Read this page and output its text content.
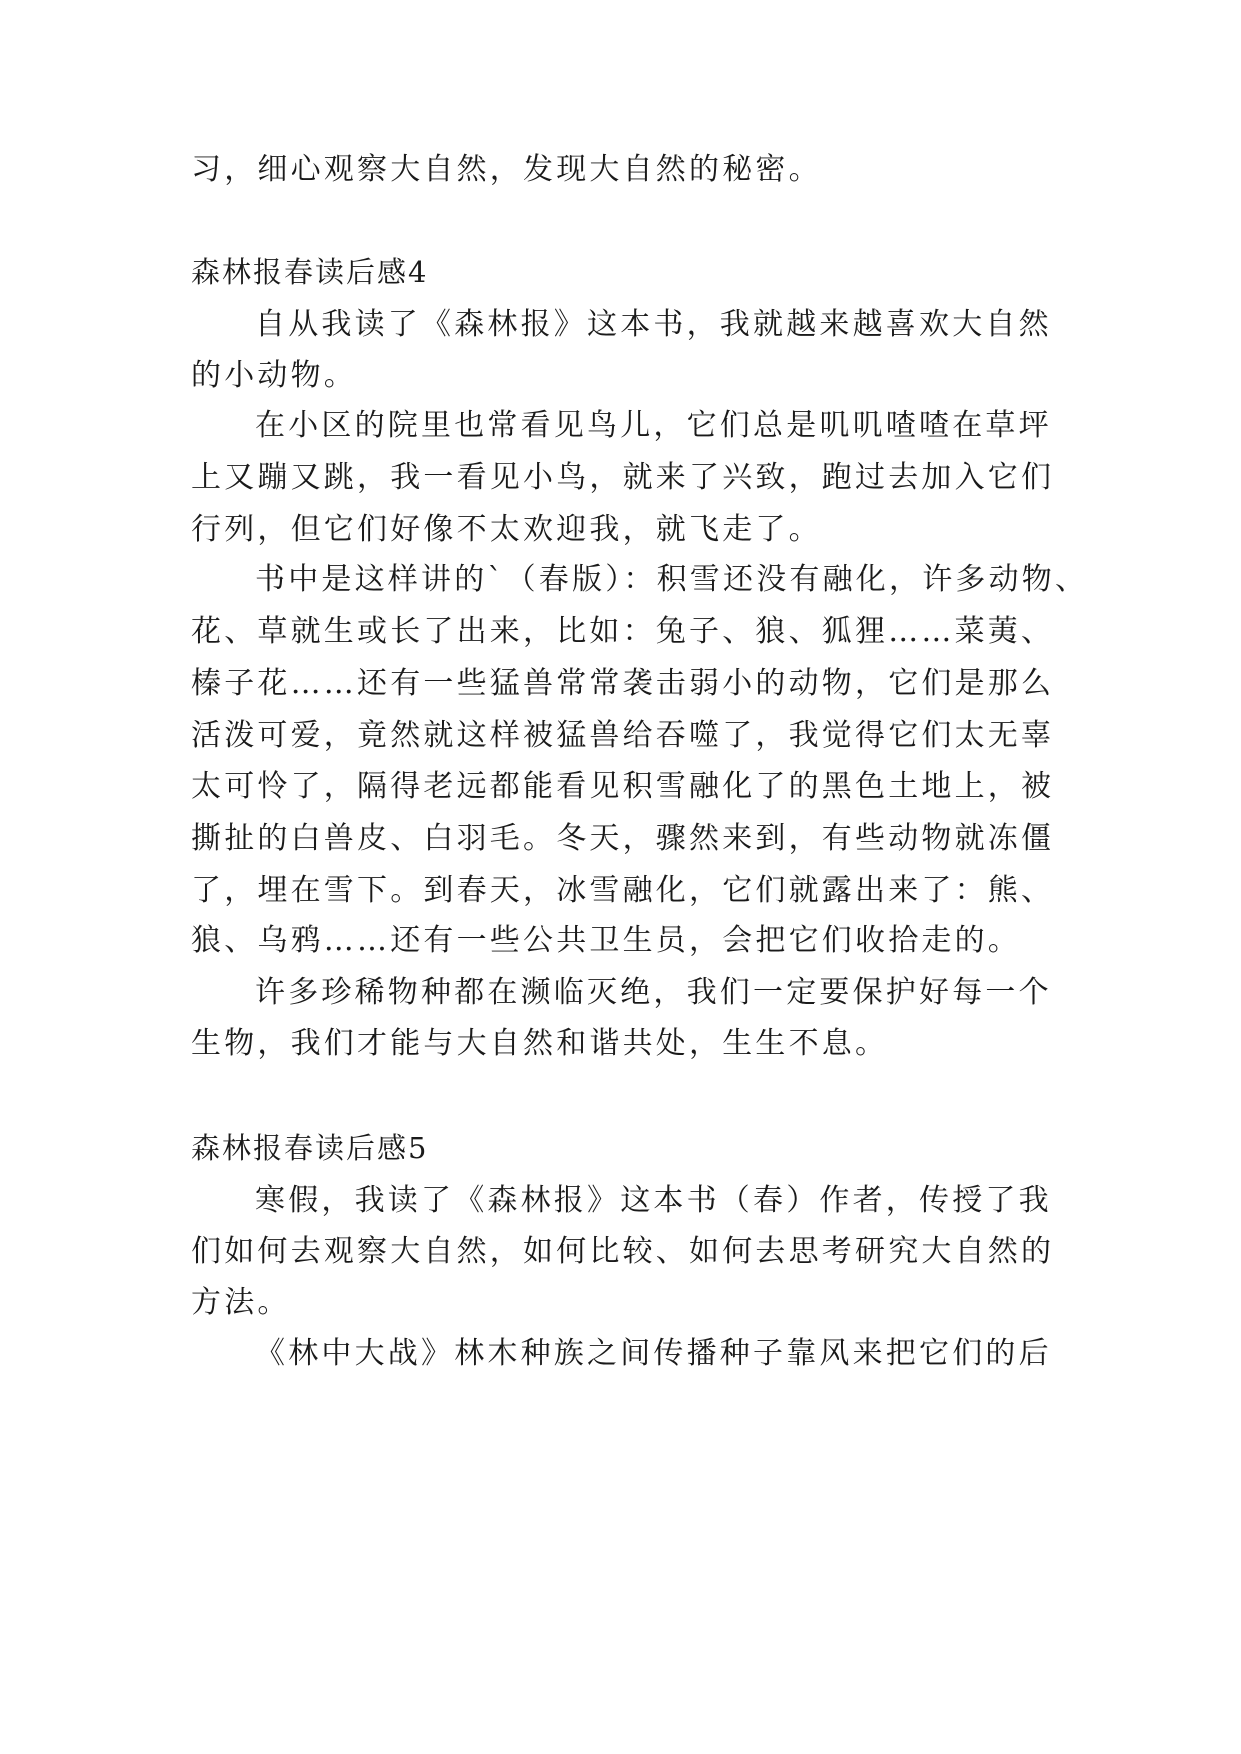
习，细心观察大自然，发现大自然的秘密。
森林报春读后感4
自从我读了《森林报》这本书，我就越来越喜欢大自然
的小动物。
在小区的院里也常看见鸟儿，它们总是叽叽喳喳在草坪
上又蹦又跳，我一看见小鸟，就来了兴致，跑过去加入它们
行列，但它们好像不太欢迎我，就飞走了。
书中是这样讲的`（春版）：积雪还没有融化，许多动物、
花、草就生或长了出来，比如：兔子、狼、狐狸……菜荑、
榛子花……还有一些猛兽常常袭击弱小的动物，它们是那么
活泼可爱，竟然就这样被猛兽给吞噬了，我觉得它们太无辜
太可怜了，隔得老远都能看见积雪融化了的黑色土地上，被
撕扯的白兽皮、白羽毛。冬天，骤然来到，有些动物就冻僵
了，埋在雪下。到春天，冰雪融化，它们就露出来了：熊、
狼、乌鸦……还有一些公共卫生员，会把它们收拾走的。
许多珍稀物种都在濒临灭绝，我们一定要保护好每一个
生物，我们才能与大自然和谐共处，生生不息。
森林报春读后感5
寒假，我读了《森林报》这本书（春）作者，传授了我
们如何去观察大自然，如何比较、如何去思考研究大自然的
方法。
《林中大战》林木种族之间传播种子靠风来把它们的后
